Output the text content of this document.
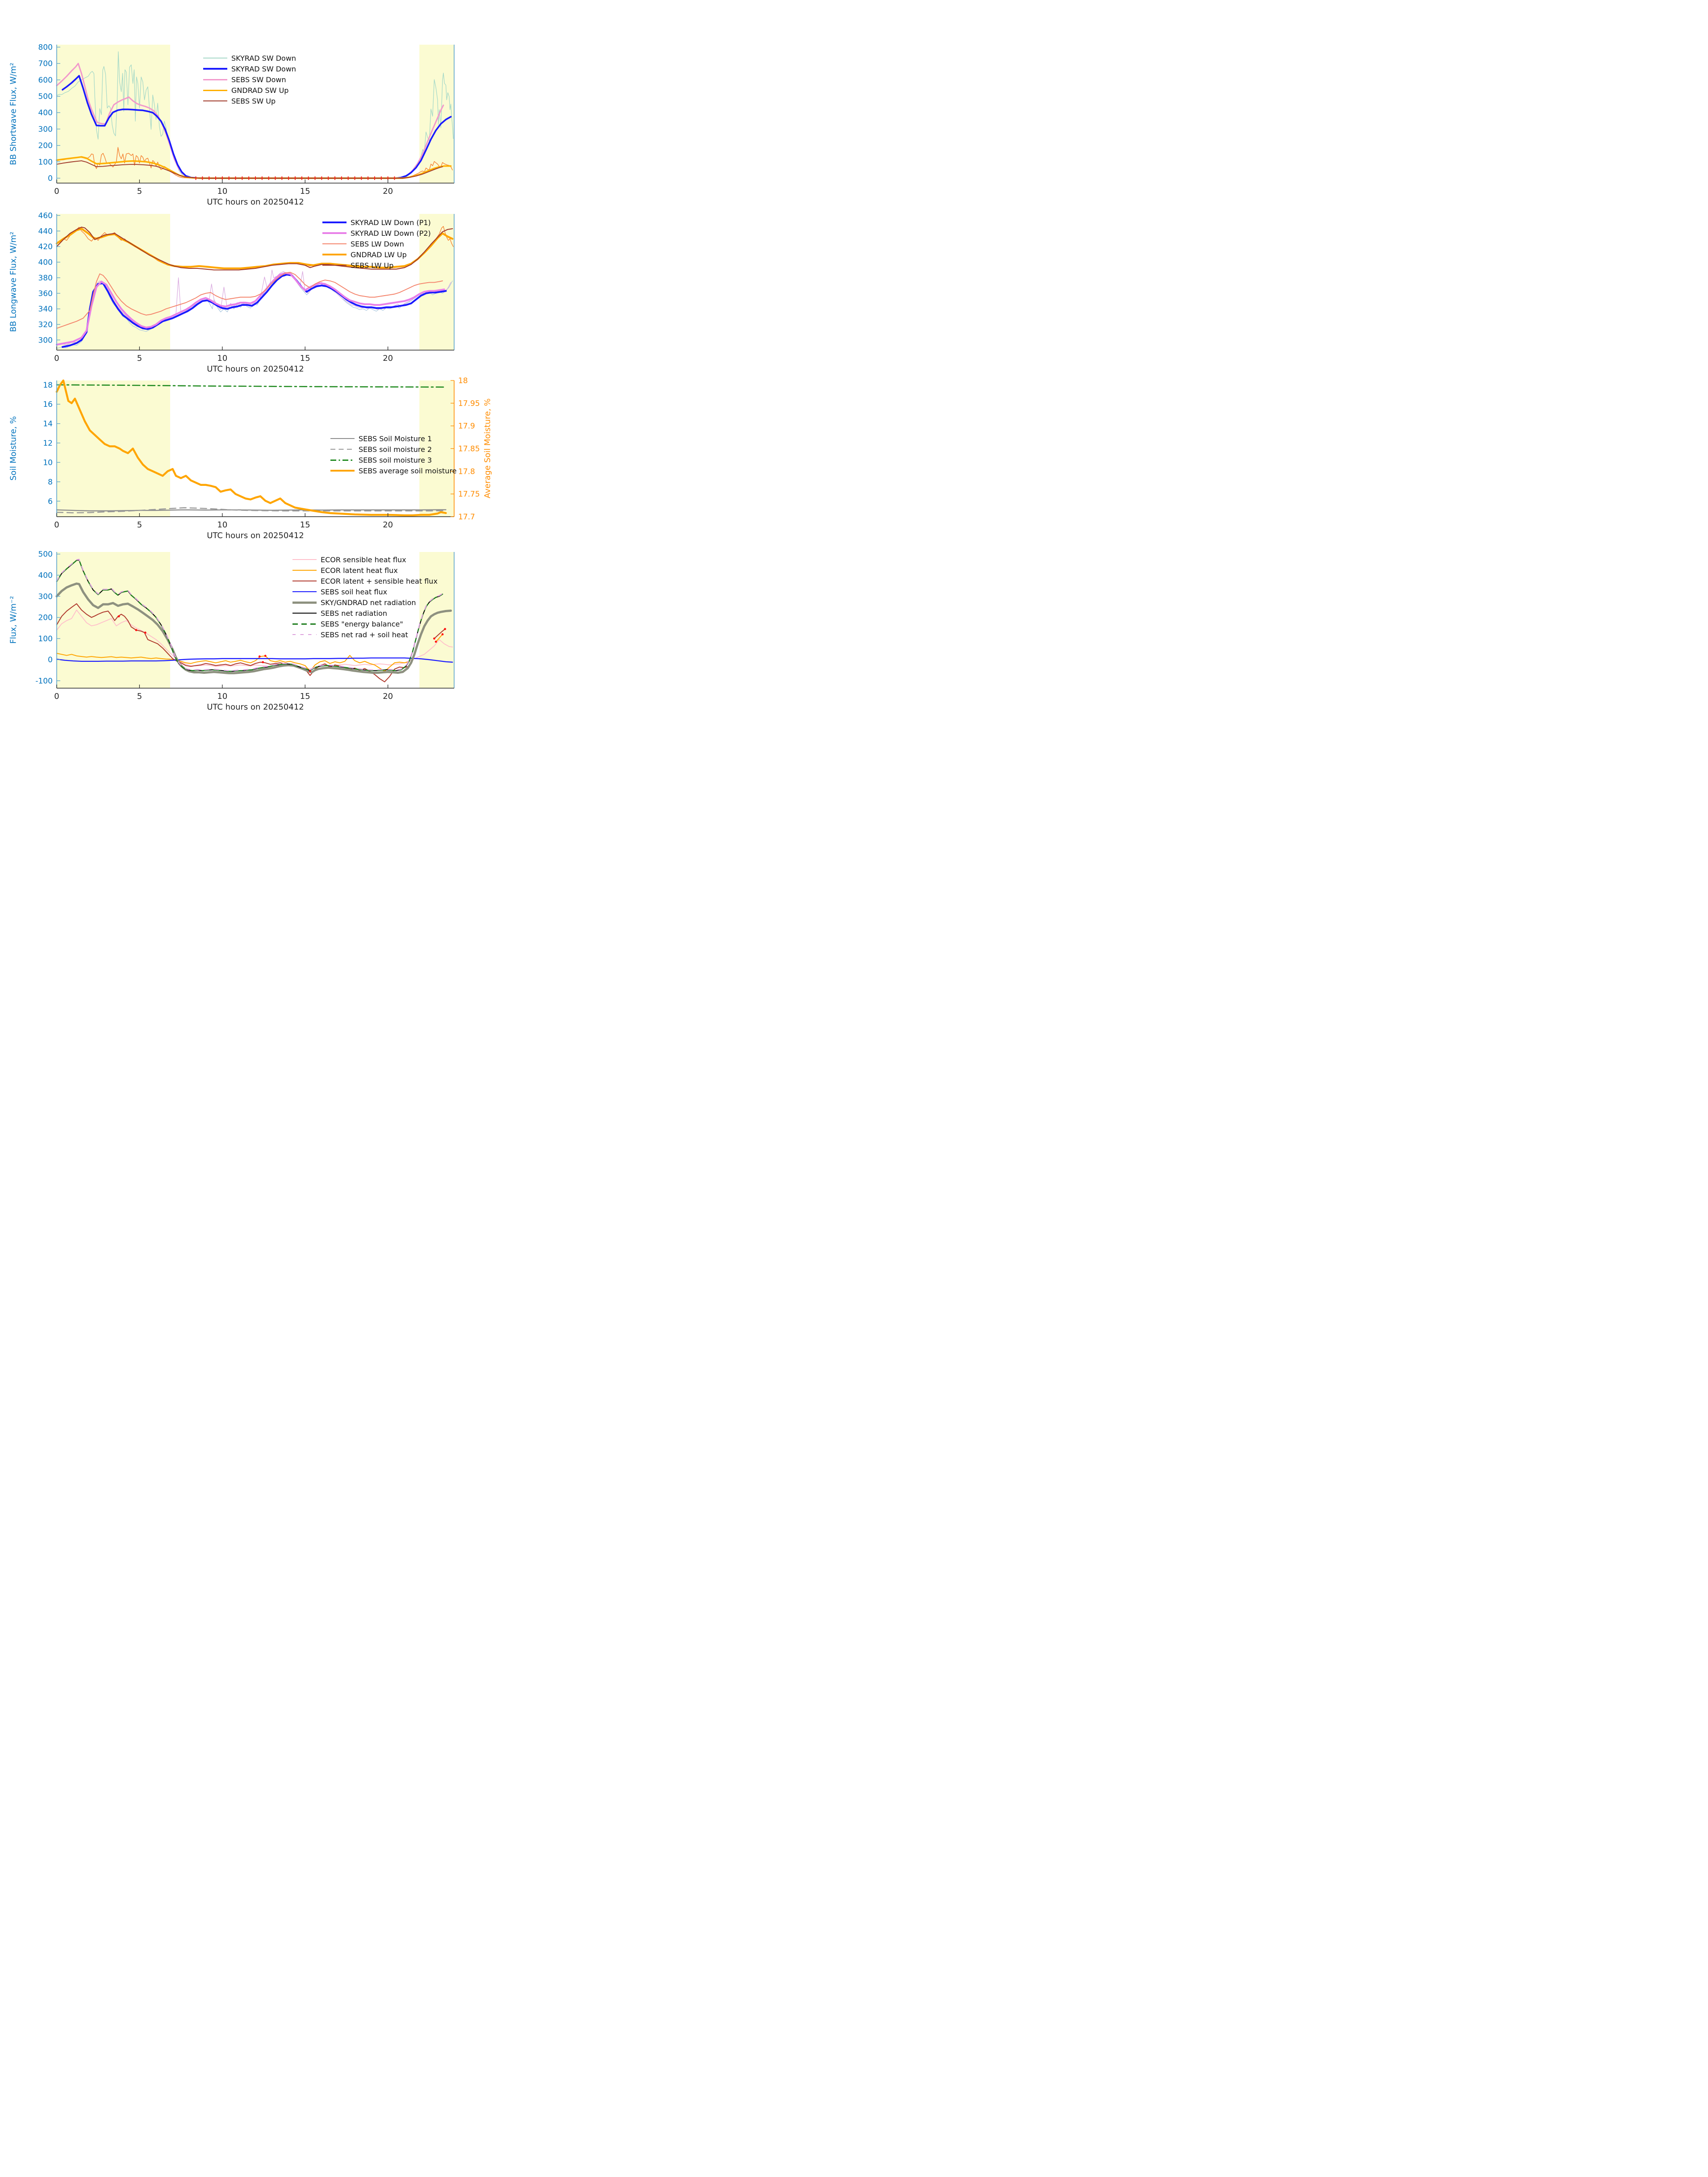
0
100
200
300
400
500
600
700
800
0	5	10	15	20
300
320
340
360
380
400
420
440
460
0	5	10	15	20
6
8
10
12
14
16
18
17.7
17.75
17.8
17.85
17.9
17.95
18
0	5	10	15	20
-100
0
100
200
300
400
500
0	5	10	15	20
BB Shortwave Flux, W/m²
BB Longwave Flux, W/m²
Soil Moisture, %	Average Soil Moisture, %
Flux, W/m⁻²
UTC hours on 20250412
UTC hours on 20250412
UTC hours on 20250412
UTC hours on 20250412
SKYRAD SW Down
SKYRAD SW Down
SEBS SW Down
GNDRAD SW Up
SEBS SW Up
SKYRAD LW Down (P1)
SKYRAD LW Down (P2)
SEBS LW Down
GNDRAD LW Up
SEBS LW Up
SEBS Soil Moisture 1
SEBS soil moisture 2
SEBS soil moisture 3
SEBS average soil moisture
ECOR sensible heat flux
ECOR latent heat flux
ECOR latent + sensible heat flux
SEBS soil heat flux
SKY/GNDRAD net radiation
SEBS net radiation
SEBS "energy balance"
SEBS net rad + soil heat
